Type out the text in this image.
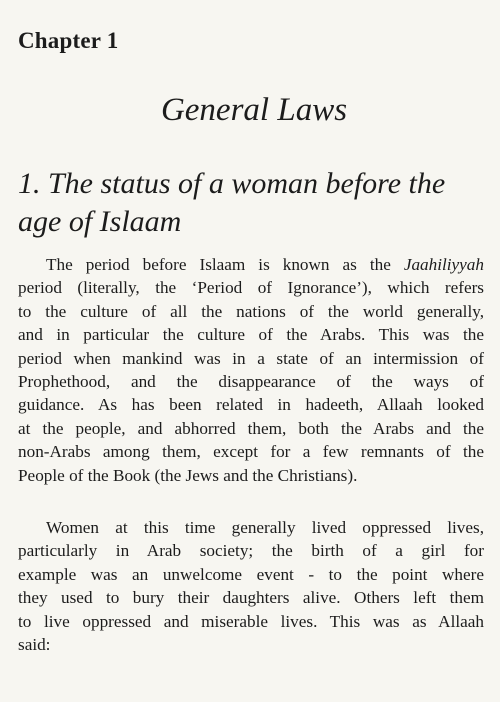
Chapter 1
General Laws
1. The status of a woman before the
age of Islaam

The period before Islaam is known as the Jaahiliyyah
period (literally, the ‘Period of Ignorance’), which refers
to the culture of all the nations of the world generally,
and in particular the culture of the Arabs. This was the
period when mankind was in a state of an intermission of
Prophethood, and the disappearance of the ways of
guidance. As has been related in hadeeth, Allaah looked
at the people, and abhorred them, both the Arabs and the
non-Arabs among them, except for a few remnants of the
People of the Book (the Jews and the Christians).

Women at this time generally lived oppressed lives,
particularly in Arab society; the birth of a girl for
example was an unwelcome event - to the point where
they used to bury their daughters alive. Others left them
to live oppressed and miserable lives. This was as Allaah
said:
